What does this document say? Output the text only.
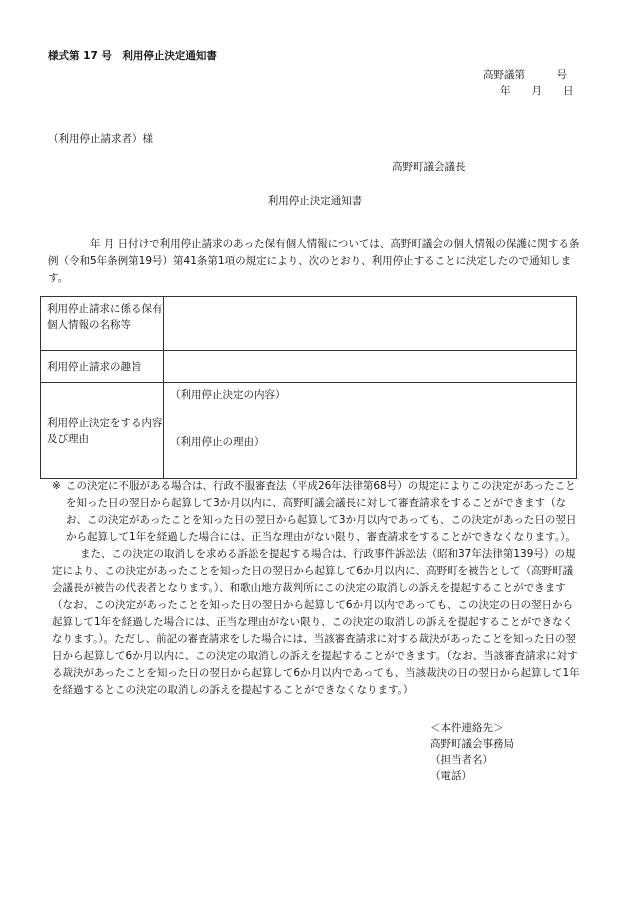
様式第 17 号　利用停止決定通知書
高野議第　　　号
年　　月　　日
（利用停止請求者）様
高野町議会議長
利用停止決定通知書
年 月 日付けで利用停止請求のあった保有個人情報については、高野町議会の個人情報の保護に関する条例（令和5年条例第19号）第41条第1項の規定により、次のとおり、利用停止することに決定したので通知します。
利用停止請求に係る保有個人情報の名称等	
利用停止請求の趣旨	
利用停止決定をする内容及び理由	（利用停止決定の内容）
（利用停止の理由）
※ この決定に不服がある場合は、行政不服審査法（平成26年法律第68号）の規定によりこの決定があったことを知った日の翌日から起算して3か月以内に、高野町議会議長に対して審査請求をすることができます（なお、この決定があったことを知った日の翌日から起算して3か月以内であっても、この決定があった日の翌日から起算して1年を経過した場合には、正当な理由がない限り、審査請求をすることができなくなります。）。

また、この決定の取消しを求める訴訟を提起する場合は、行政事件訴訟法（昭和37年法律第139号）の規定により、この決定があったことを知った日の翌日から起算して6か月以内に、高野町を被告として（高野町議会議長が被告の代表者となります。）、和歌山地方裁判所にこの決定の取消しの訴えを提起することができます（なお、この決定があったことを知った日の翌日から起算して6か月以内であっても、この決定の日の翌日から起算して1年を経過した場合には、正当な理由がない限り、この決定の取消しの訴えを提起することができなくなります。）。ただし、前記の審査請求をした場合には、当該審査請求に対する裁決があったことを知った日の翌日から起算して6か月以内に、この決定の取消しの訴えを提起することができます。（なお、当該審査請求に対する裁決があったことを知った日の翌日から起算して6か月以内であっても、当該裁決の日の翌日から起算して1年を経過するとこの決定の取消しの訴えを提起することができなくなります。）

＜本件連絡先＞
高野町議会事務局
（担当者名）
（電話）
